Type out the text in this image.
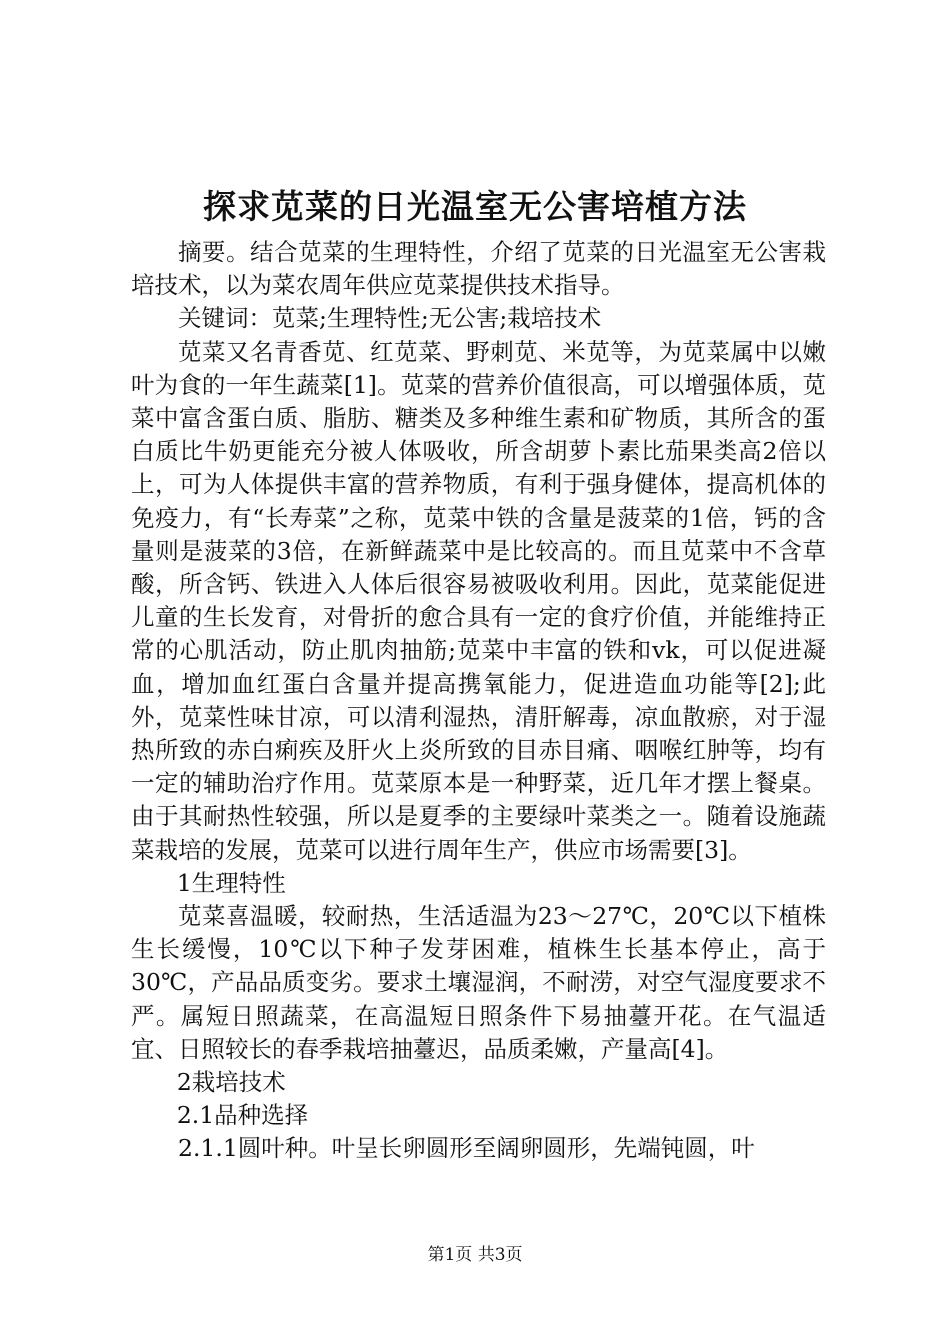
探求苋菜的日光温室无公害培植方法

摘要。结合苋菜的生理特性，介绍了苋菜的日光温室无公害栽培技术，以为菜农周年供应苋菜提供技术指导。

关键词：苋菜;生理特性;无公害;栽培技术

苋菜又名青香苋、红苋菜、野刺苋、米苋等，为苋菜属中以嫩叶为食的一年生蔬菜[1]。苋菜的营养价值很高，可以增强体质，苋菜中富含蛋白质、脂肪、糖类及多种维生素和矿物质，其所含的蛋白质比牛奶更能充分被人体吸收，所含胡萝卜素比茄果类高2倍以上，可为人体提供丰富的营养物质，有利于强身健体，提高机体的免疫力，有“长寿菜”之称，苋菜中铁的含量是菠菜的1倍，钙的含量则是菠菜的3倍，在新鲜蔬菜中是比较高的。而且苋菜中不含草酸，所含钙、铁进入人体后很容易被吸收利用。因此，苋菜能促进儿童的生长发育，对骨折的愈合具有一定的食疗价值，并能维持正常的心肌活动，防止肌肉抽筋;苋菜中丰富的铁和vk，可以促进凝血，增加血红蛋白含量并提高携氧能力，促进造血功能等[2];此外，苋菜性味甘凉，可以清利湿热，清肝解毒，凉血散瘀，对于湿热所致的赤白痢疾及肝火上炎所致的目赤目痛、咽喉红肿等，均有一定的辅助治疗作用。苋菜原本是一种野菜，近几年才摆上餐桌。由于其耐热性较强，所以是夏季的主要绿叶菜类之一。随着设施蔬菜栽培的发展，苋菜可以进行周年生产，供应市场需要[3]。

1生理特性

苋菜喜温暖，较耐热，生活适温为23～27℃，20℃以下植株生长缓慢，10℃以下种子发芽困难，植株生长基本停止，高于30℃，产品品质变劣。要求土壤湿润，不耐涝，对空气湿度要求不严。属短日照蔬菜，在高温短日照条件下易抽薹开花。在气温适宜、日照较长的春季栽培抽薹迟，品质柔嫩，产量高[4]。

2栽培技术

2.1品种选择

2.1.1圆叶种。叶呈长卵圆形至阔卵圆形，先端钝圆，叶

第1页 共3页
